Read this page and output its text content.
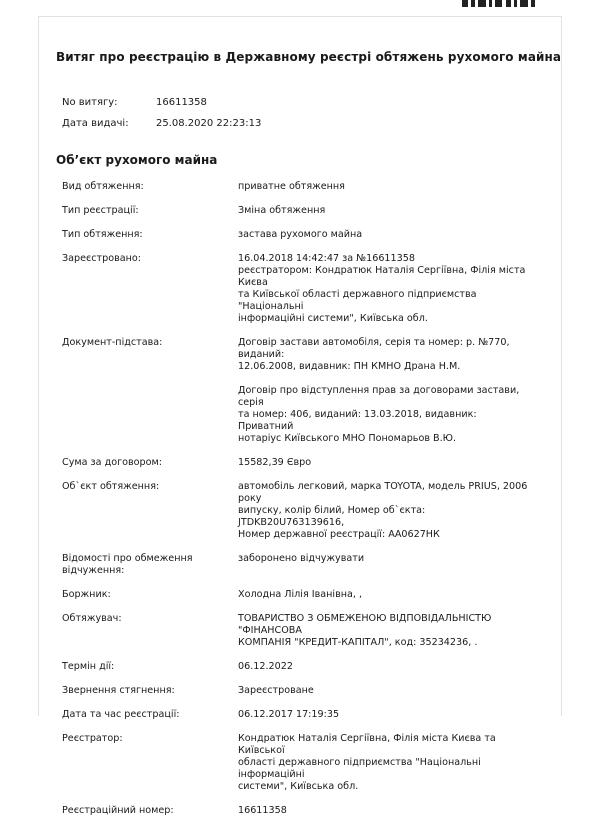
Витяг про реєстрацію в Державному реєстрі обтяжень рухомого майна
No витягу:	16611358
Дата видачі:	25.08.2020 22:23:13
Об’єкт рухомого майна
Вид обтяження:	приватне обтяження

Тип реєстрації:	Зміна обтяження

Тип обтяження:	застава рухомого майна

Зареєстровано:	16.04.2018 14:42:47 за №16611358

реєстратором: Кондратюк Наталія Сергіївна, Філія міста Києва

та Київської області державного підприємства "Національні

інформаційні системи", Київська обл.

Документ-підстава:	Договір застави автомобіля, серія та номер: р. №770, виданий:

12.06.2008, видавник: ПН КМНО Драна Н.М.

Договір про відступлення прав за договорами застави, серія

та номер: 406, виданий: 13.03.2018, видавник: Приватний

нотаріус Київського МНО Пономарьов В.Ю.

Сума за договором:	15582,39 Євро

Об`єкт обтяження:	автомобіль легковий, марка TOYOTA, модель PRIUS, 2006 року

випуску, колір білий, Номер об`єкта: JTDKB20U763139616,

Номер державної реєстрації: АА0627НК

Відомості про обмеження
відчуження:

заборонено відчужувати

Боржник:	Холодна Лілія Іванівна, ,

Обтяжувач:	ТОВАРИСТВО З ОБМЕЖЕНОЮ ВІДПОВІДАЛЬНІСТЮ "ФІНАНСОВА

КОМПАНІЯ "КРЕДИТ-КАПІТАЛ", код: 35234236, .

Термін дії:	06.12.2022

Звернення стягнення:	Зареєстроване

Дата та час реєстрації:	06.12.2017 17:19:35

Реєстратор:	Кондратюк Наталія Сергіївна, Філія міста Києва та Київської

області державного підприємства "Національні інформаційні

системи", Київська обл.

Реєстраційний номер:	16611358
